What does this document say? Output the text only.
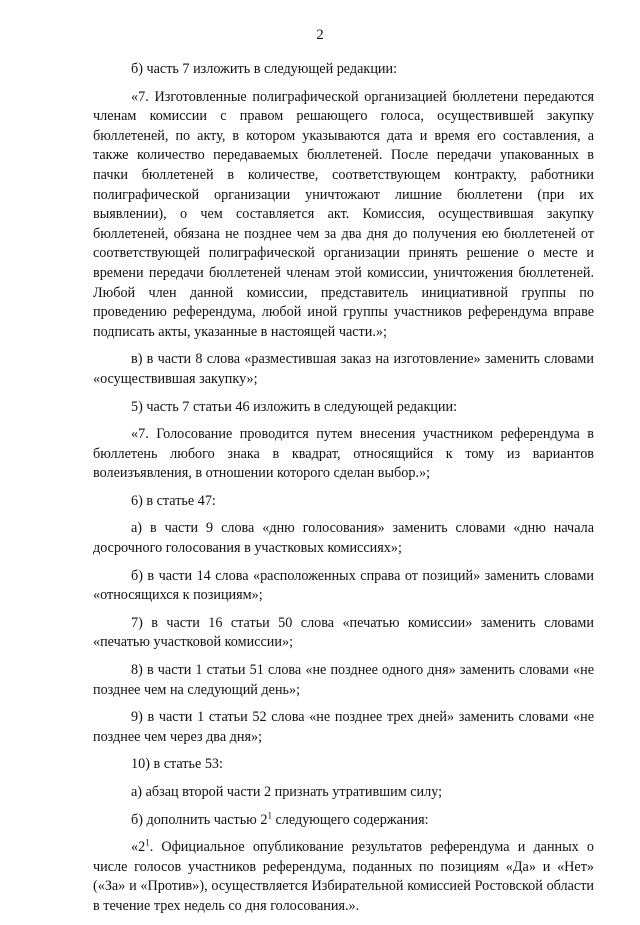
2

б) часть 7 изложить в следующей редакции:

«7. Изготовленные полиграфической организацией бюллетени передаются членам комиссии с правом решающего голоса, осуществившей закупку бюллетеней, по акту, в котором указываются дата и время его составления, а также количество передаваемых бюллетеней. После передачи упакованных в пачки бюллетеней в количестве, соответствующем контракту, работники полиграфической организации уничтожают лишние бюллетени (при их выявлении), о чем составляется акт. Комиссия, осуществившая закупку бюллетеней, обязана не позднее чем за два дня до получения ею бюллетеней от соответствующей полиграфической организации принять решение о месте и времени передачи бюллетеней членам этой комиссии, уничтожения бюллетеней. Любой член данной комиссии, представитель инициативной группы по проведению референдума, любой иной группы участников референдума вправе подписать акты, указанные в настоящей части.»;

в) в части 8 слова «разместившая заказ на изготовление» заменить словами «осуществившая закупку»;

5) часть 7 статьи 46 изложить в следующей редакции:

«7. Голосование проводится путем внесения участником референдума в бюллетень любого знака в квадрат, относящийся к тому из вариантов волеизъявления, в отношении которого сделан выбор.»;

6) в статье 47:

а) в части 9 слова «дню голосования» заменить словами «дню начала досрочного голосования в участковых комиссиях»;

б) в части 14 слова «расположенных справа от позиций» заменить словами «относящихся к позициям»;

7) в части 16 статьи 50 слова «печатью комиссии» заменить словами «печатью участковой комиссии»;

8) в части 1 статьи 51 слова «не позднее одного дня» заменить словами «не позднее чем на следующий день»;

9) в части 1 статьи 52 слова «не позднее трех дней» заменить словами «не позднее чем через два дня»;

10) в статье 53:

а) абзац второй части 2 признать утратившим силу;

б) дополнить частью $2^1$ следующего содержания:

«$2^1$. Официальное опубликование результатов референдума и данных о числе голосов участников референдума, поданных по позициям «Да» и «Нет» («За» и «Против»), осуществляется Избирательной комиссией Ростовской области в течение трех недель со дня голосования.».
